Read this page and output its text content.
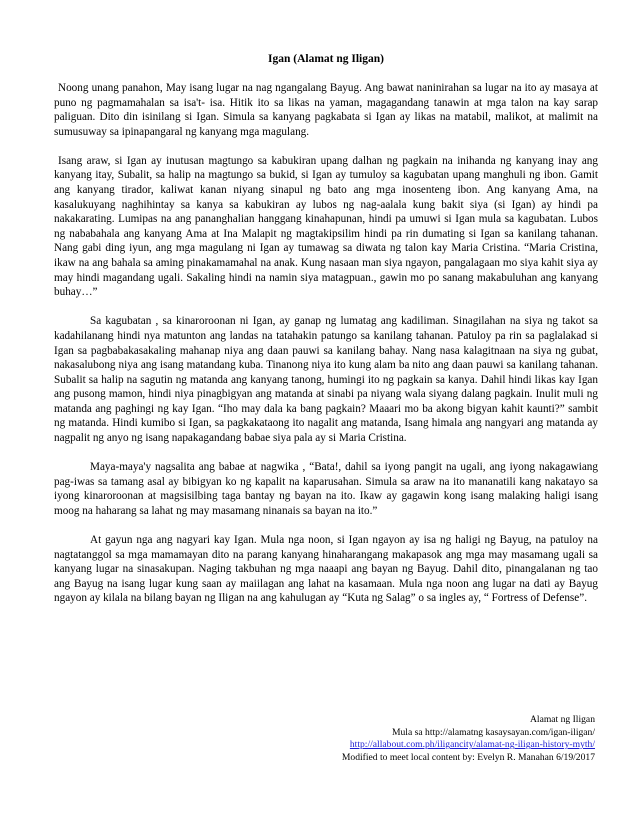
Igan (Alamat ng Iligan)

Noong unang panahon, May isang lugar na nag ngangalang Bayug. Ang bawat naninirahan sa lugar na ito ay masaya at puno ng pagmamahalan sa isa't- isa. Hitik ito sa likas na yaman, magagandang tanawin at mga talon na kay sarap paliguan. Dito din isinilang si Igan. Simula sa kanyang pagkabata si Igan ay likas na matabil, malikot, at malimit na sumusuway sa ipinapangaral ng kanyang mga magulang.

Isang araw, si Igan ay inutusan magtungo sa kabukiran upang dalhan ng pagkain na inihanda ng kanyang inay ang kanyang itay, Subalit, sa halip na magtungo sa bukid, si Igan ay tumuloy sa kagubatan upang manghuli ng ibon. Gamit ang kanyang tirador, kaliwat kanan niyang sinapul ng bato ang mga inosenteng ibon. Ang kanyang Ama, na kasalukuyang naghihintay sa kanya sa kabukiran ay lubos ng nag-aalala kung bakit siya (si Igan) ay hindi pa nakakarating. Lumipas na ang pananghalian hanggang kinahapunan, hindi pa umuwi si Igan mula sa kagubatan. Lubos ng nababahala ang kanyang Ama at Ina Malapit ng magtakipsilim hindi pa rin dumating si Igan sa kanilang tahanan. Nang gabi ding iyun, ang mga magulang ni Igan ay tumawag sa diwata ng talon kay Maria Cristina. “Maria Cristina, ikaw na ang bahala sa aming pinakamamahal na anak. Kung nasaan man siya ngayon, pangalagaan mo siya kahit siya ay may hindi magandang ugali. Sakaling hindi na namin siya matagpuan., gawin mo po sanang makabuluhan ang kanyang buhay…”

Sa kagubatan , sa kinaroroonan ni Igan, ay ganap ng lumatag ang kadiliman. Sinagilahan na siya ng takot sa kadahilanang hindi nya matunton ang landas na tatahakin patungo sa kanilang tahanan. Patuloy pa rin sa paglalakad si Igan sa pagbabakasakaling mahanap niya ang daan pauwi sa kanilang bahay. Nang nasa kalagitnaan na siya ng gubat, nakasalubong niya ang isang matandang kuba. Tinanong niya ito kung alam ba nito ang daan pauwi sa kanilang tahanan. Subalit sa halip na sagutin ng matanda ang kanyang tanong, humingi ito ng pagkain sa kanya. Dahil hindi likas kay Igan ang pusong mamon, hindi niya pinagbigyan ang matanda at sinabi pa niyang wala siyang dalang pagkain. Inulit muli ng matanda ang paghingi ng kay Igan. “Iho may dala ka bang pagkain? Maaari mo ba akong bigyan kahit kaunti?” sambit ng matanda. Hindi kumibo si Igan, sa pagkakataong ito nagalit ang matanda, Isang himala ang nangyari ang matanda ay nagpalit ng anyo ng isang napakagandang babae siya pala ay si Maria Cristina.

Maya-maya'y nagsalita ang babae at nagwika , “Bata!, dahil sa iyong pangit na ugali, ang iyong nakagawiang pag-iwas sa tamang asal ay bibigyan ko ng kapalit na kaparusahan. Simula sa araw na ito mananatili kang nakatayo sa iyong kinaroroonan at magsisilbing taga bantay ng bayan na ito. Ikaw ay gagawin kong isang malaking haligi isang moog na haharang sa lahat ng may masamang ninanais sa bayan na ito.”

At gayun nga ang nagyari kay Igan. Mula nga noon, si Igan ngayon ay isa ng haligi ng Bayug, na patuloy na nagtatanggol sa mga mamamayan dito na parang kanyang hinaharangang makapasok ang mga may masamang ugali sa kanyang lugar na sinasakupan. Naging takbuhan ng mga naaapi ang bayan ng Bayug. Dahil dito, pinangalanan ng tao ang Bayug na isang lugar kung saan ay maiilagan ang lahat na kasamaan. Mula nga noon ang lugar na dati ay Bayug ngayon ay kilala na bilang bayan ng Iligan na ang kahulugan ay “Kuta ng Salag” o sa ingles ay, “ Fortress of Defense”.

Alamat ng Iligan
Mula sa http://alamatng kasaysayan.com/igan-iligan/
http://allabout.com.ph/iligancity/alamat-ng-iligan-history-myth/
Modified to meet local content by: Evelyn R. Manahan 6/19/2017
